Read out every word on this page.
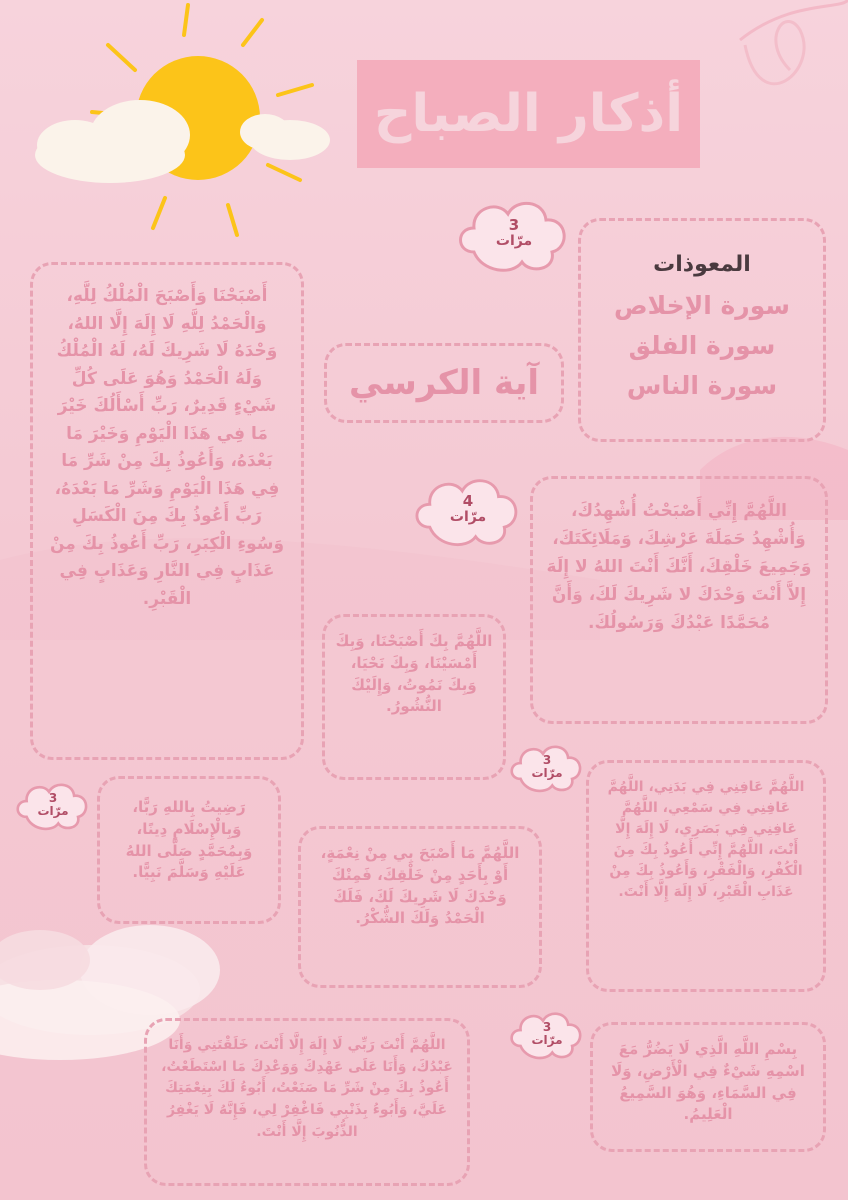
أذكار الصباح
3
مرّات
4
مرّات
3
مرّات
3
مرّات
3
مرّات
المعوذات
سورة الإخلاص
سورة الفلق
سورة الناس
آية الكرسي
أَصْبَحْنَا وَأَصْبَحَ الْمُلْكُ لِلَّهِ، وَالْحَمْدُ لِلَّهِ لَا إِلَهَ إِلَّا اللهُ، وَحْدَهُ لَا شَرِيكَ لَهُ، لَهُ الْمُلْكُ وَلَهُ الْحَمْدُ وَهُوَ عَلَى كُلِّ شَيْءٍ قَدِيرٌ، رَبِّ أَسْأَلُكَ خَيْرَ مَا فِي هَذَا الْيَوْمِ وَخَيْرَ مَا بَعْدَهُ، وَأَعُوذُ بِكَ مِنْ شَرِّ مَا فِي هَذَا الْيَوْمِ وَشَرِّ مَا بَعْدَهُ، رَبِّ أَعُوذُ بِكَ مِنَ الْكَسَلِ وَسُوءِ الْكِبَرِ، رَبِّ أَعُوذُ بِكَ مِنْ عَذَابٍ فِي النَّارِ وَعَذَابٍ فِي الْقَبْرِ.
اللَّهُمَّ إِنِّي أَصْبَحْتُ أُشْهِدُكَ، وَأُشْهِدُ حَمَلَةَ عَرْشِكَ، وَمَلَائِكَتَكَ، وَجَمِيعَ خَلْقِكَ، أَنَّكَ أَنْتَ اللهُ لا إِلَهَ إِلاَّ أَنْتَ وَحْدَكَ لا شَرِيكَ لَكَ، وَأَنَّ مُحَمَّدًا عَبْدُكَ وَرَسُولُكَ.
اللَّهُمَّ بِكَ أَصْبَحْنَا، وَبِكَ أَمْسَيْنَا، وَبِكَ نَحْيَا، وَبِكَ نَمُوتُ، وَإِلَيْكَ النُّشُورُ.
اللَّهُمَّ عَافِنِي فِي بَدَنِي، اللَّهُمَّ عَافِنِي فِي سَمْعِي، اللَّهُمَّ عَافِنِي فِي بَصَرِي، لَا إِلَهَ إِلَّا أَنْتَ، اللَّهُمَّ إِنِّي أَعُوذُ بِكَ مِنَ الْكُفْرِ، وَالْفَقْرِ، وَأَعُوذُ بِكَ مِنْ عَذَابِ الْقَبْرِ، لَا إِلَهَ إِلَّا أَنْتَ.
رَضِيتُ بِاللهِ رَبًّا، وَبِالْإِسْلَامِ دِينًا، وَبِمُحَمَّدٍ صَلَّى اللهُ عَلَيْهِ وَسَلَّمَ نَبِيًّا.
اللَّهُمَّ مَا أَصْبَحَ بِي مِنْ نِعْمَةٍ، أَوْ بِأَحَدٍ مِنْ خَلْقِكَ، فَمِنْكَ وَحْدَكَ لَا شَرِيكَ لَكَ، فَلَكَ الْحَمْدُ وَلَكَ الشُّكْرُ.
اللَّهُمَّ أَنْتَ رَبِّي لَا إِلَهَ إِلَّا أَنْتَ، خَلَقْتَنِي وَأَنَا عَبْدُكَ، وَأَنَا عَلَى عَهْدِكَ وَوَعْدِكَ مَا اسْتَطَعْتُ، أَعُوذُ بِكَ مِنْ شَرِّ مَا صَنَعْتُ، أَبُوءُ لَكَ بِنِعْمَتِكَ عَلَيَّ، وَأَبُوءُ بِذَنْبِي فَاغْفِرْ لِي، فَإِنَّهُ لَا يَغْفِرُ الذُّنُوبَ إِلَّا أَنْتَ.
بِسْمِ اللَّهِ الَّذِي لَا يَضُرُّ مَعَ اسْمِهِ شَيْءٌ فِي الْأَرْضِ، وَلَا فِي السَّمَاءِ، وَهُوَ السَّمِيعُ الْعَلِيمُ.
